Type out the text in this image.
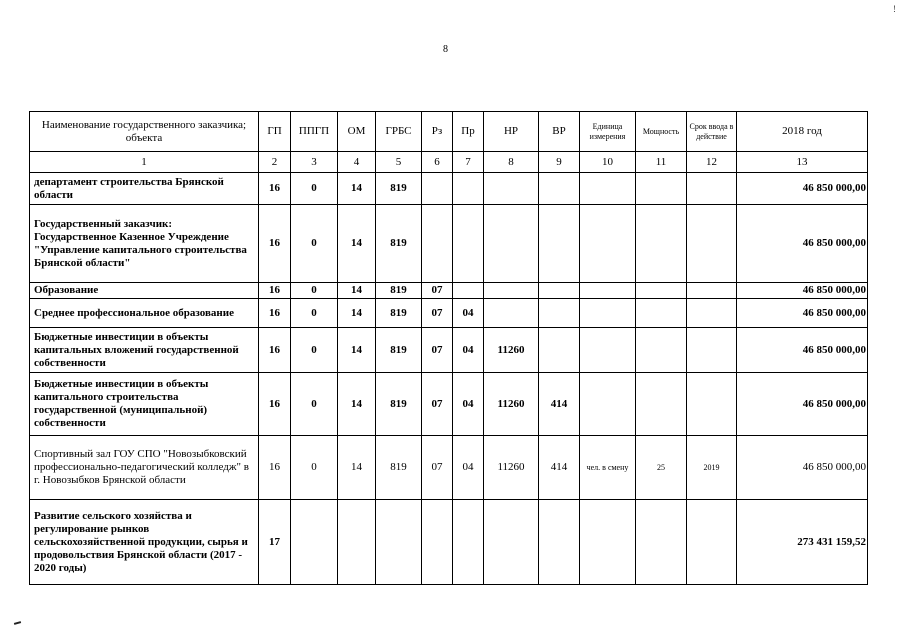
!
8
Наименование государственного заказчика; объекта	ГП	ППГП	ОМ	ГРБС	Рз	Пр	НР	ВР	Единица измерения	Мощность	Срок ввода в действие	2018 год
1	2	3	4	5	6	7	8	9	10	11	12	13
департамент строительства Брянской области	16	0	14	819								46 850 000,00
Государственный заказчик: Государственное Казенное Учреждение "Управление капитального строительства Брянской области"	16	0	14	819								46 850 000,00
Образование	16	0	14	819	07							46 850 000,00
Среднее профессиональное образование	16	0	14	819	07	04						46 850 000,00
Бюджетные инвестиции в объекты капитальных вложений государственной собственности	16	0	14	819	07	04	11260					46 850 000,00
Бюджетные инвестиции в объекты капитального строительства государственной (муниципальной) собственности	16	0	14	819	07	04	11260	414				46 850 000,00
Спортивный зал ГОУ СПО "Новозыбковский профессионально-педагогический колледж" в г. Новозыбков Брянской области	16	0	14	819	07	04	11260	414	чел. в смену	25	2019	46 850 000,00
Развитие сельского хозяйства и регулирование рынков сельскохозяйственной продукции, сырья и продовольствия Брянской области (2017 - 2020 годы)	17											273 431 159,52
